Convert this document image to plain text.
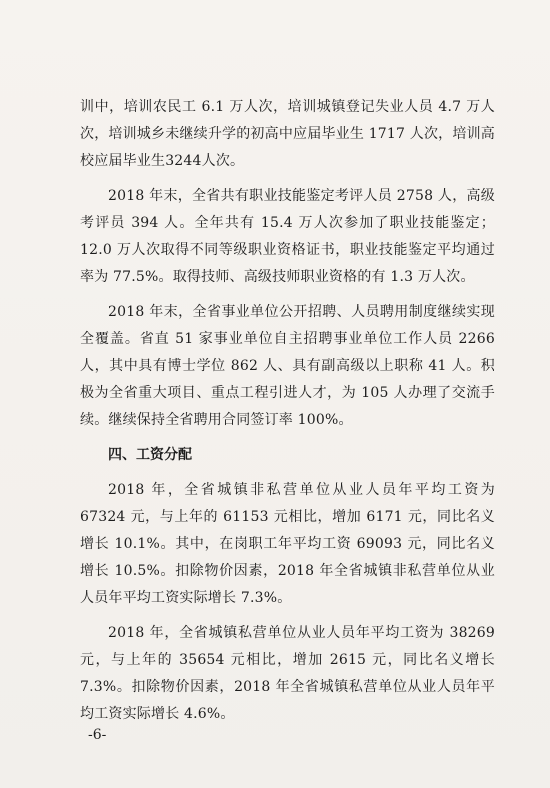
训中，培训农民工 6.1 万人次，培训城镇登记失业人员 4.7 万人次，培训城乡未继续升学的初高中应届毕业生 1717 人次，培训高校应届毕业生3244人次。

2018 年末，全省共有职业技能鉴定考评人员 2758 人，高级考评员 394 人。全年共有 15.4 万人次参加了职业技能鉴定；12.0 万人次取得不同等级职业资格证书，职业技能鉴定平均通过率为 77.5%。取得技师、高级技师职业资格的有 1.3 万人次。

2018 年末，全省事业单位公开招聘、人员聘用制度继续实现全覆盖。省直 51 家事业单位自主招聘事业单位工作人员 2266 人，其中具有博士学位 862 人、具有副高级以上职称 41 人。积极为全省重大项目、重点工程引进人才，为 105 人办理了交流手续。继续保持全省聘用合同签订率 100%。

四、工资分配

2018 年，全省城镇非私营单位从业人员年平均工资为 67324 元，与上年的 61153 元相比，增加 6171 元，同比名义增长 10.1%。其中，在岗职工年平均工资 69093 元，同比名义增长 10.5%。扣除物价因素，2018 年全省城镇非私营单位从业人员年平均工资实际增长 7.3%。

2018 年，全省城镇私营单位从业人员年平均工资为 38269 元，与上年的 35654 元相比，增加 2615 元，同比名义增长 7.3%。扣除物价因素，2018 年全省城镇私营单位从业人员年平均工资实际增长 4.6%。

-6-
